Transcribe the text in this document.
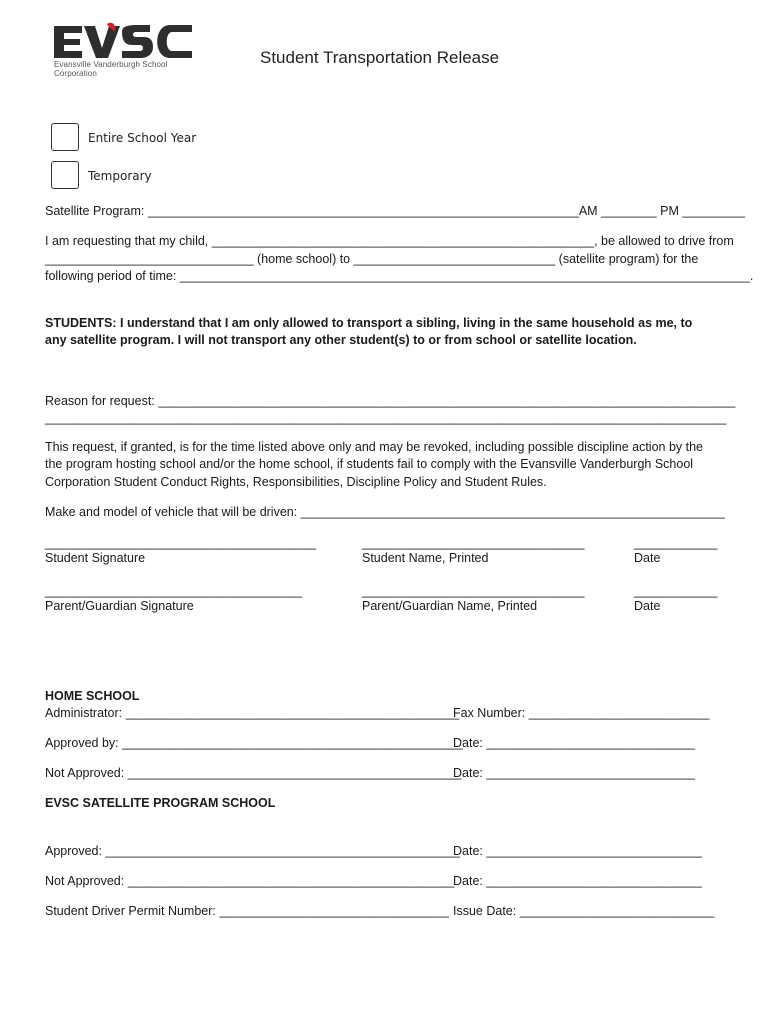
Evansville Vanderburgh School Corporation
Student Transportation Release
Entire School Year
Temporary
Satellite Program: ______________________________________________________________AM ________ PM _________
I am requesting that my child, _______________________________________________________, be allowed to drive from
______________________________ (home school) to _____________________________ (satellite program) for the
following period of time: __________________________________________________________________________________.
STUDENTS: I understand that I am only allowed to transport a sibling, living in the same household as me, to
any satellite program. I will not transport any other student(s) to or from school or satellite location.
Reason for request: ___________________________________________________________________________________
__________________________________________________________________________________________________
This request, if granted, is for the time listed above only and may be revoked, including possible discipline action by the
the program hosting school and/or the home school, if students fail to comply with the Evansville Vanderburgh School
Corporation Student Conduct Rights, Responsibilities, Discipline Policy and Student Rules.
Make and model of vehicle that will be driven: _____________________________________________________________
_______________________________________	________________________________	____________
Student Signature	Student Name, Printed	Date
_____________________________________	________________________________	____________
Parent/Guardian Signature	Parent/Guardian Name, Printed	Date
HOME SCHOOL
Administrator: ________________________________________________
Fax Number: __________________________
Approved by: _________________________________________________
Date: ______________________________
Not Approved: ________________________________________________
Date: ______________________________
EVSC SATELLITE PROGRAM SCHOOL
Approved: ___________________________________________________
Date: _______________________________
Not Approved: _______________________________________________
Date: _______________________________
Student Driver Permit Number: _________________________________ Issue Date: ____________________________
